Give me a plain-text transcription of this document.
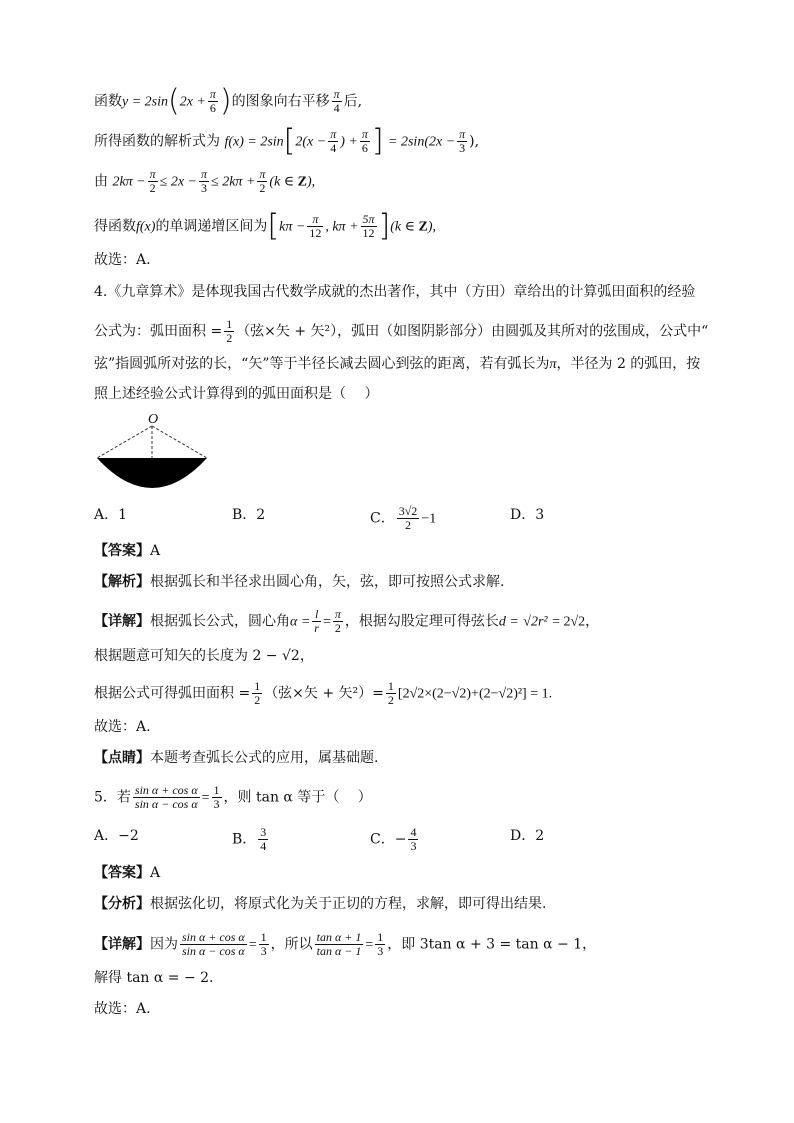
函数$y = 2\sin(2x + \frac{\pi}{6}$ )的图象向右平移 $\frac{\pi}{4}$ 后,
所得函数的解析式为 $f(x) = 2\sin[2(x - \frac{\pi}{4}$ ) + $\frac{\pi}{6}$ ] = $2\sin(2x - \frac{\pi}{3}$ ),
由 $2k\pi - \frac{\pi}{2} \le 2x - \frac{\pi}{3} \le 2k\pi + \frac{\pi}{2} (k$ ∈ Z),
得函数f(x)的单调递增区间为[$k\pi - \frac{\pi}{12}$ , $k\pi + \frac{5\pi}{12} ](k$ ∈ Z),
故选：A.
4.《九章算术》是体现我国古代数学成就的杰出著作，其中（方田）章给出的计算弧田面积的经验
公式为：弧田面积 = $\frac{1}{2}$ （弦×矢 + 矢²），弧田（如图阴影部分）由圆弧及其所对的弦围成，公式中“
弦”指圆弧所对弦的长，“矢”等于半径长减去圆心到弦的距离，若有弧长为π，半径为 2 的弧田，按
照上述经验公式计算得到的弧田面积是（　 ）
O
A．1	B．2	C． $\frac{3√2}{2} -1$	D．3
【答案】A
【解析】根据弧长和半径求出圆心角，矢，弦，即可按照公式求解.
【详解】根据弧长公式，圆心角$\alpha = \frac{l}{r} = \frac{\pi}{2}$ ，根据勾股定理可得弦长d = √2r² = 2√2，
根据题意可知矢的长度为 2 − √2，
根据公式可得弧田面积 = $\frac{1}{2}$ （弦×矢 + 矢$^2)= \frac{1}{2} [2√2\times(2-√2)+(2-√2)^2] = 1$.
故选：A.
【点睛】本题考查弧长公式的应用，属基础题.
5．若 $\frac{\text{sin α + cos α}}{\text{sin α − cos α}} = \frac{1}{3}$ ，则 tan α 等于（　 ）
A．−2	B． $\frac{3}{4}$	C．− $\frac{4}{3}$	D．2
【答案】A
【分析】根据弦化切，将原式化为关于正切的方程，求解，即可得出结果.
【详解】因为 $\frac{\text{sin α + cos α}}{\text{sin α − cos α}} = \frac{1}{3}$ ，所以 $\frac{\text{tan α + 1}}{\text{tan α − 1}} = \frac{1}{3}$ ，即 3tan α + 3 = tan α − 1，
解得 tan α = − 2.
故选：A.
